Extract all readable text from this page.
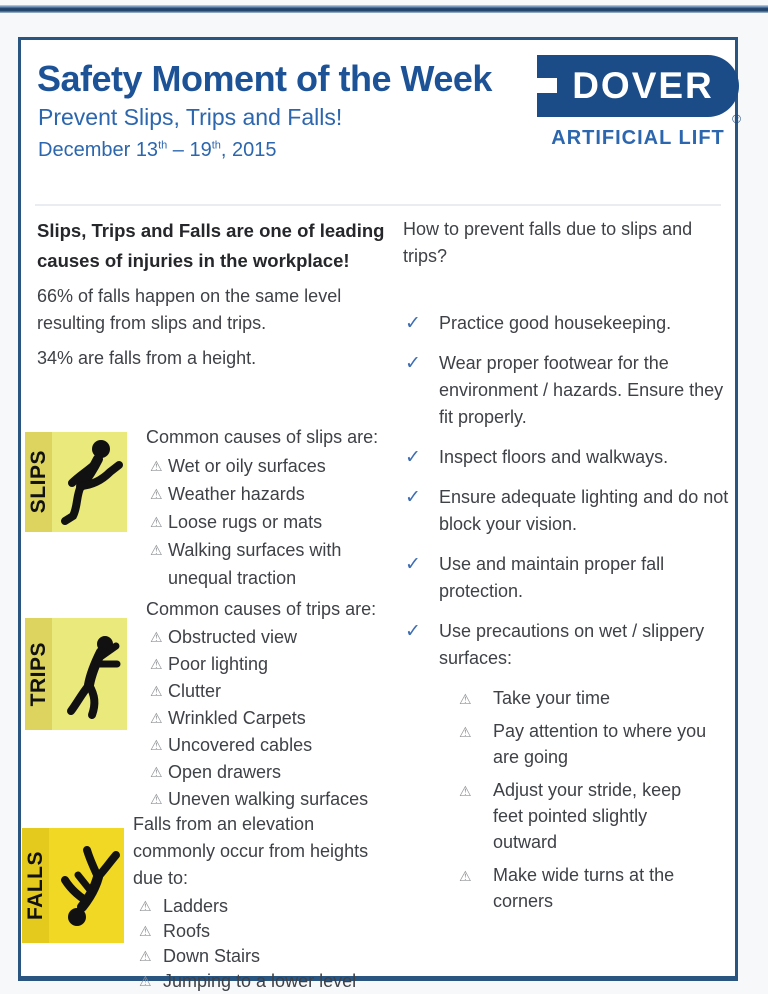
Safety Moment of the Week
Prevent Slips, Trips and Falls!
December 13th – 19th, 2015
DOVER
®
ARTIFICIAL LIFT
Slips, Trips and Falls are one of leading causes of injuries in the workplace!
66% of falls happen on the same level resulting from slips and trips.
34% are falls from a height.
SLIPS
Common causes of slips are:
⚠ Wet or oily surfaces
⚠ Weather hazards
⚠ Loose rugs or mats
⚠ Walking surfaces with unequal traction
TRIPS
Common causes of trips are:
⚠ Obstructed view
⚠ Poor lighting
⚠ Clutter
⚠ Wrinkled Carpets
⚠ Uncovered cables
⚠ Open drawers
⚠ Uneven walking surfaces
FALLS
Falls from an elevation commonly occur from heights due to:
⚠ Ladders
⚠ Roofs
⚠ Down Stairs
⚠ Jumping to a lower level
How to prevent falls due to slips and trips?
✓ Practice good housekeeping.
✓ Wear proper footwear for the environment / hazards. Ensure they fit properly.
✓ Inspect floors and walkways.
✓ Ensure adequate lighting and do not block your vision.
✓ Use and maintain proper fall protection.
✓ Use precautions on wet / slippery surfaces:
⚠ Take your time
⚠ Pay attention to where you are going
⚠ Adjust your stride, keep feet pointed slightly outward
⚠ Make wide turns at the corners
